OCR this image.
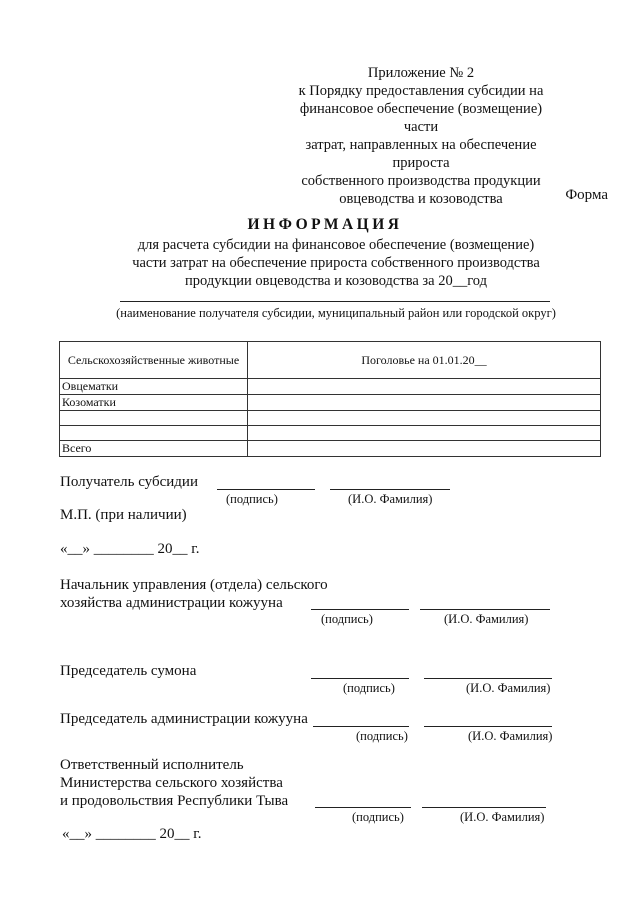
Приложение № 2
к Порядку предоставления субсидии на
финансовое обеспечение (возмещение) части
затрат, направленных на обеспечение прироста
собственного производства продукции
овцеводства и козоводства	Форма
ИНФОРМАЦИЯ
для расчета субсидии на финансовое обеспечение (возмещение)
части затрат на обеспечение прироста собственного производства
продукции овцеводства и козоводства за 20__год
(наименование получателя субсидии, муниципальный район или городской округ)
Сельскохозяйственные животные	Поголовье на 01.01.20__
Овцематки	
Козоматки	

Всего	
Получатель субсидии
(подпись)	(И.О. Фамилия)
М.П. (при наличии)
«__» ________ 20__ г.
Начальник управления (отдела) сельского
хозяйства администрации кожууна
(подпись)	(И.О. Фамилия)
Председатель сумона
(подпись)	(И.О. Фамилия)
Председатель администрации кожууна
(подпись)	(И.О. Фамилия)
Ответственный исполнитель
Министерства сельского хозяйства
и продовольствия Республики Тыва
(подпись)	(И.О. Фамилия)
«__» ________ 20__ г.
